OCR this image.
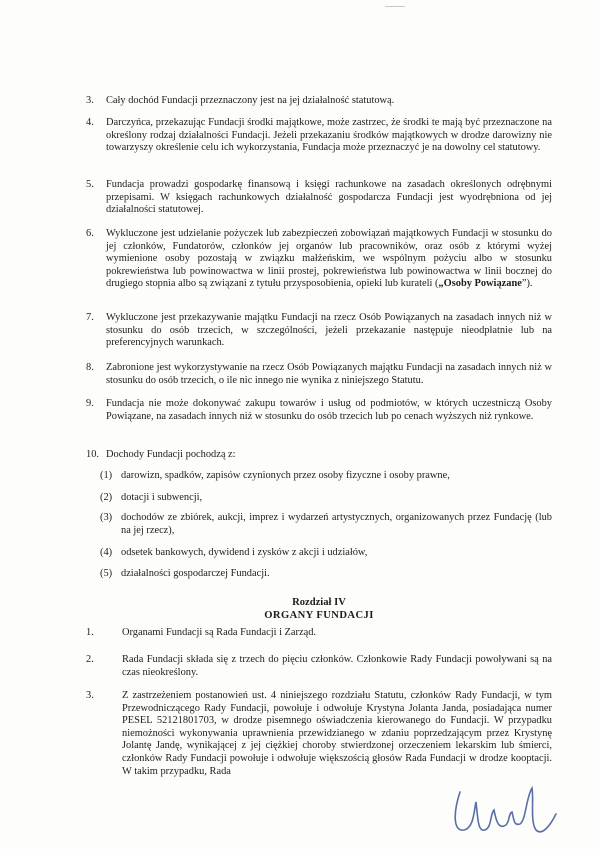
3. Cały dochód Fundacji przeznaczony jest na jej działalność statutową.
4. Darczyńca, przekazując Fundacji środki majątkowe, może zastrzec, że środki te mają być przeznaczone na określony rodzaj działalności Fundacji. Jeżeli przekazaniu środków majątkowych w drodze darowizny nie towarzyszy określenie celu ich wykorzystania, Fundacja może przeznaczyć je na dowolny cel statutowy.
5. Fundacja prowadzi gospodarkę finansową i księgi rachunkowe na zasadach określonych odrębnymi przepisami. W księgach rachunkowych działalność gospodarcza Fundacji jest wyodrębniona od jej działalności statutowej.
6. Wykluczone jest udzielanie pożyczek lub zabezpieczeń zobowiązań majątkowych Fundacji w stosunku do jej członków, Fundatorów, członków jej organów lub pracowników, oraz osób z którymi wyżej wymienione osoby pozostają w związku małżeńskim, we wspólnym pożyciu albo w stosunku pokrewieństwa lub powinowactwa w linii prostej, pokrewieństwa lub powinowactwa w linii bocznej do drugiego stopnia albo są związani z tytułu przysposobienia, opieki lub kurateli („Osoby Powiązane”).
7. Wykluczone jest przekazywanie majątku Fundacji na rzecz Osób Powiązanych na zasadach innych niż w stosunku do osób trzecich, w szczególności, jeżeli przekazanie następuje nieodpłatnie lub na preferencyjnych warunkach.
8. Zabronione jest wykorzystywanie na rzecz Osób Powiązanych majątku Fundacji na zasadach innych niż w stosunku do osób trzecich, o ile nic innego nie wynika z niniejszego Statutu.
9. Fundacja nie może dokonywać zakupu towarów i usług od podmiotów, w których uczestniczą Osoby Powiązane, na zasadach innych niż w stosunku do osób trzecich lub po cenach wyższych niż rynkowe.
10. Dochody Fundacji pochodzą z:
(1) darowizn, spadków, zapisów czynionych przez osoby fizyczne i osoby prawne,
(2) dotacji i subwencji,
(3) dochodów ze zbiórek, aukcji, imprez i wydarzeń artystycznych, organizowanych przez Fundację (lub na jej rzecz),
(4) odsetek bankowych, dywidend i zysków z akcji i udziałów,
(5) działalności gospodarczej Fundacji.
Rozdział IV
ORGANY FUNDACJI
1.	Organami Fundacji są Rada Fundacji i Zarząd.
2.	Rada Fundacji składa się z trzech do pięciu członków. Członkowie Rady Fundacji powoływani są na czas nieokreślony.
3.	Z zastrzeżeniem postanowień ust. 4 niniejszego rozdziału Statutu, członków Rady Fundacji, w tym Przewodniczącego Rady Fundacji, powołuje i odwołuje Krystyna Jolanta Janda, posiadająca numer PESEL 52121801703, w drodze pisemnego oświadczenia kierowanego do Fundacji. W przypadku niemożności wykonywania uprawnienia przewidzianego w zdaniu poprzedzającym przez Krystynę Jolantę Jandę, wynikającej z jej ciężkiej choroby stwierdzonej orzeczeniem lekarskim lub śmierci, członków Rady Fundacji powołuje i odwołuje większością głosów Rada Fundacji w drodze kooptacji. W takim przypadku, Rada
